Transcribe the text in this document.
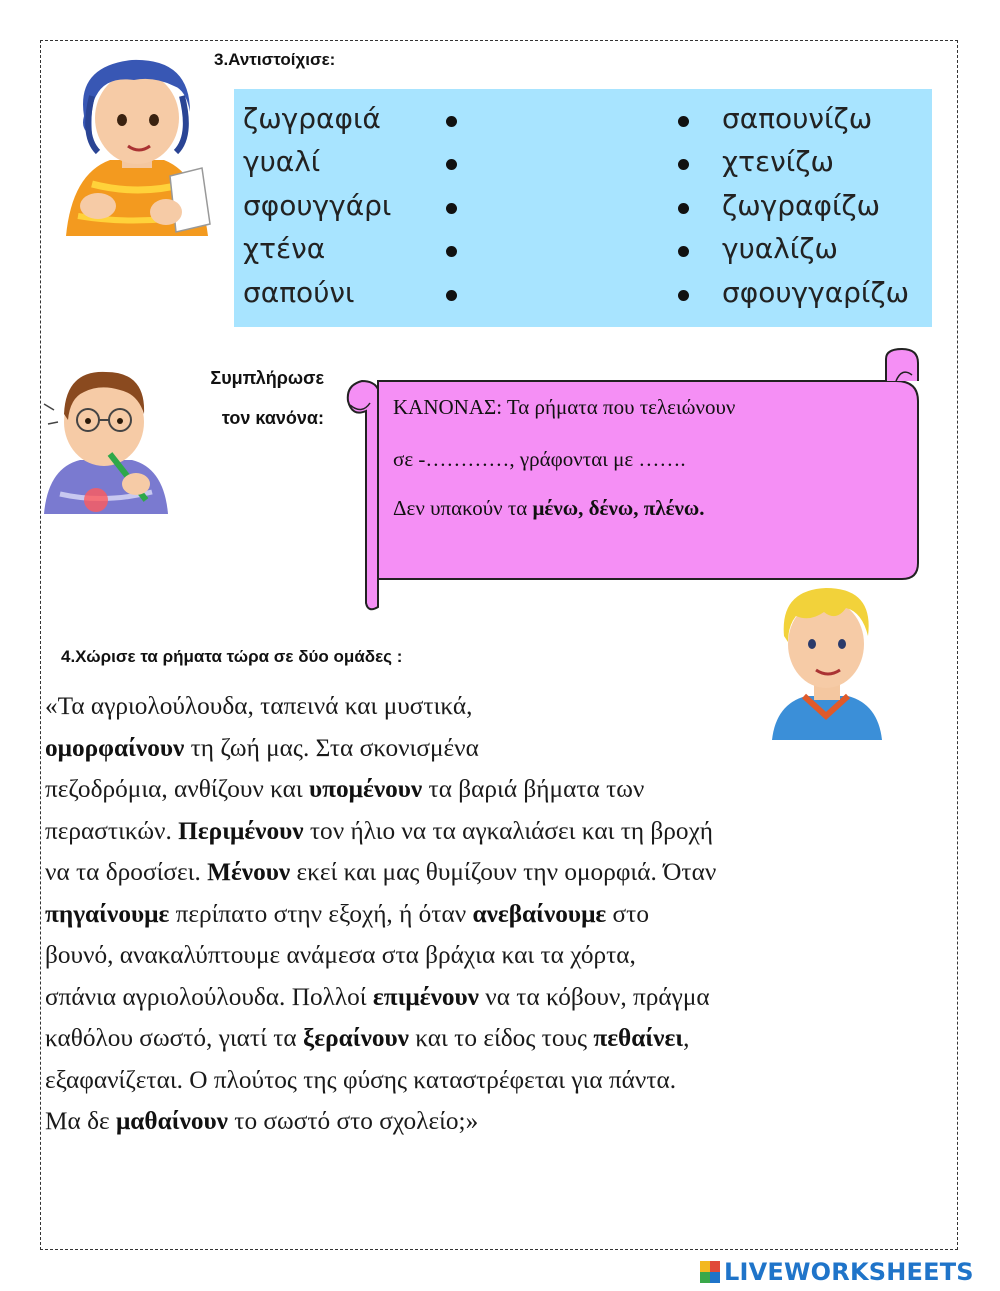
3.Αντιστοίχισε:
ζωγραφιά
γυαλί
σφουγγάρι
χτένα
σαπούνι
σαπουνίζω
χτενίζω
ζωγραφίζω
γυαλίζω
σφουγγαρίζω
Συμπλήρωσε
τον κανόνα:	ΚΑΝΟΝΑΣ: Τα ρήματα που τελειώνουν
σε -…………, γράφονται με …….
Δεν υπακούν τα μένω, δένω, πλένω.
4.Χώρισε τα ρήματα τώρα σε δύο ομάδες :
«Τα αγριολούλουδα, ταπεινά και μυστικά,
ομορφαίνουν τη ζωή μας. Στα σκονισμένα
πεζοδρόμια, ανθίζουν και υπομένουν τα βαριά βήματα των
περαστικών. Περιμένουν τον ήλιο να τα αγκαλιάσει και τη βροχή
να τα δροσίσει. Μένουν εκεί και μας θυμίζουν την ομορφιά. Όταν
πηγαίνουμε περίπατο στην εξοχή, ή όταν ανεβαίνουμε στο
βουνό, ανακαλύπτουμε ανάμεσα στα βράχια και τα χόρτα,
σπάνια αγριολούλουδα. Πολλοί επιμένουν να τα κόβουν, πράγμα
καθόλου σωστό, γιατί τα ξεραίνουν και το είδος τους πεθαίνει,
εξαφανίζεται. Ο πλούτος της φύσης καταστρέφεται για πάντα.
Μα δε μαθαίνουν το σωστό στο σχολείο;»
LIVEWORKSHEETS
